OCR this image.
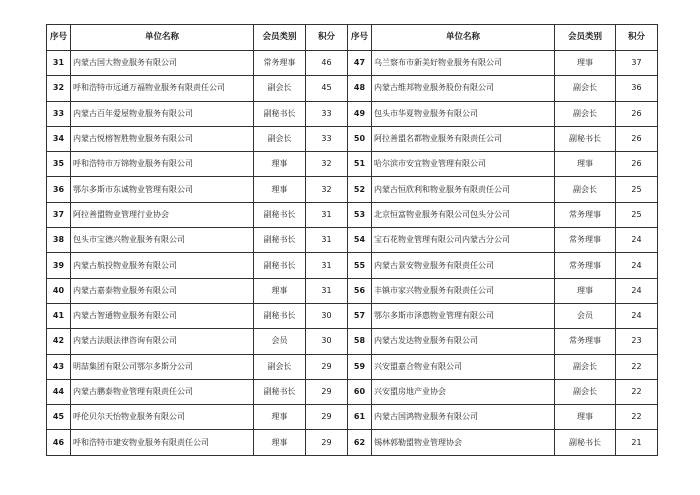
序号	单位名称	会员类别	积分	序号	单位名称	会员类别	积分
31	内蒙古国大物业服务有限公司	常务理事	46	47	乌兰察布市新美好物业服务有限公司	理事	37
32	呼和浩特市远通万福物业服务有限责任公司	副会长	45	48	内蒙古维邦物业服务股份有限公司	副会长	36
33	内蒙古百年爱屋物业服务有限公司	副秘书长	33	49	包头市华夏物业服务有限公司	副会长	26
34	内蒙古悦榕智胜物业服务有限公司	副会长	33	50	阿拉善盟名都物业服务有限责任公司	副秘书长	26
35	呼和浩特市万锦物业服务有限公司	理事	32	51	哈尔滨市安宜物业管理有限公司	理事	26
36	鄂尔多斯市东诚物业管理有限公司	理事	32	52	内蒙古恒欣利和物业服务有限责任公司	副会长	25
37	阿拉善盟物业管理行业协会	副秘书长	31	53	北京恒富物业服务有限公司包头分公司	常务理事	25
38	包头市宝德兴物业服务有限公司	副秘书长	31	54	宝石花物业管理有限公司内蒙古分公司	常务理事	24
39	内蒙古航投物业服务有限公司	副秘书长	31	55	内蒙古景安物业服务有限责任公司	常务理事	24
40	内蒙古嘉泰物业服务有限公司	理事	31	56	丰镇市家兴物业服务有限责任公司	理事	24
41	内蒙古智通物业服务有限公司	副秘书长	30	57	鄂尔多斯市泽惠物业管理有限公司	会员	24
42	内蒙古法眼法律咨询有限公司	会员	30	58	内蒙古发达物业服务有限公司	常务理事	23
43	明喆集团有限公司鄂尔多斯分公司	副会长	29	59	兴安盟嘉合物业有限公司	副会长	22
44	内蒙古鹏泰物业管理有限责任公司	副秘书长	29	60	兴安盟房地产业协会	副会长	22
45	呼伦贝尔天怡物业服务有限公司	理事	29	61	内蒙古国鸿物业服务有限公司	理事	22
46	呼和浩特市建安物业服务有限责任公司	理事	29	62	锡林郭勒盟物业管理协会	副秘书长	21
